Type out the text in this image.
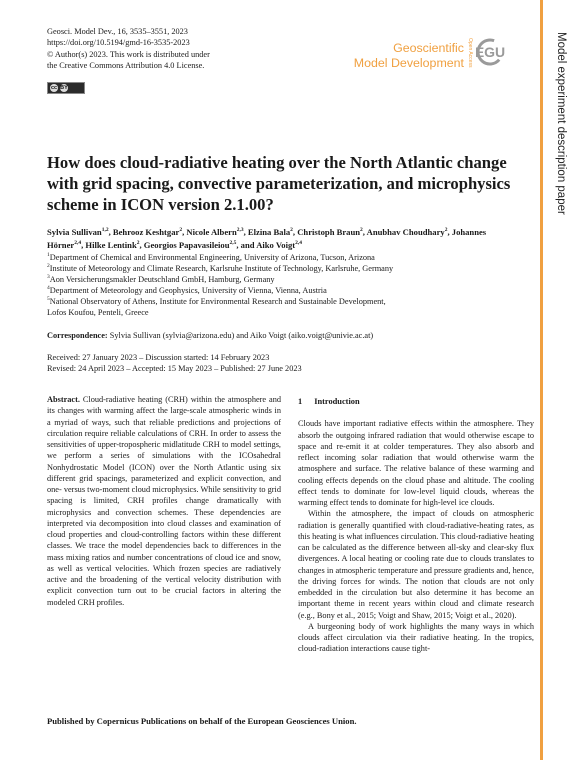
Geosci. Model Dev., 16, 3535–3551, 2023
https://doi.org/10.5194/gmd-16-3535-2023
© Author(s) 2023. This work is distributed under
the Creative Commons Attribution 4.0 License.
cc BY
Geoscientific
Model Development Open Access EGU	Model experiment description paper
How does cloud-radiative heating over the North Atlantic change with grid spacing, convective parameterization, and microphysics scheme in ICON version 2.1.00?
Sylvia Sullivan$^{1,2}$, Behrooz Keshtgar$^2$, Nicole Albern$^{2,3}$, Elzina Bala$^2$, Christoph Braun$^2$, Anubhav Choudhary$^2$, Johannes Hörner$^{2,4}$, Hilke Lentink$^2$, Georgios Papavasileiou$^{2,5}$, and Aiko Voigt$^{2,4}$
$^1$Department of Chemical and Environmental Engineering, University of Arizona, Tucson, Arizona
$^2$Institute of Meteorology and Climate Research, Karlsruhe Institute of Technology, Karlsruhe, Germany
$^3$Aon Versicherungsmakler Deutschland GmbH, Hamburg, Germany
$^4$Department of Meteorology and Geophysics, University of Vienna, Vienna, Austria
$^5$National Observatory of Athens, Institute for Environmental Research and Sustainable Development,
Lofos Koufou, Penteli, Greece
Correspondence: Sylvia Sullivan (sylvia@arizona.edu) and Aiko Voigt (aiko.voigt@univie.ac.at)
Received: 27 January 2023 – Discussion started: 14 February 2023
Revised: 24 April 2023 – Accepted: 15 May 2023 – Published: 27 June 2023
Abstract. Cloud-radiative heating (CRH) within the atmosphere and its changes with warming affect the large-scale atmospheric winds in a myriad of ways, such that reliable predictions and projections of circulation require reliable calculations of CRH. In order to assess the sensitivities of upper-tropospheric midlatitude CRH to model settings, we perform a series of simulations with the ICOsahedral Nonhydrostatic Model (ICON) over the North Atlantic using six different grid spacings, parameterized and explicit convection, and one- versus two-moment cloud microphysics. While sensitivity to grid spacing is limited, CRH profiles change dramatically with microphysics and convection schemes. These dependencies are interpreted via decomposition into cloud classes and examination of cloud properties and cloud-controlling factors within these different classes. We trace the model dependencies back to differences in the mass mixing ratios and number concentrations of cloud ice and snow, as well as vertical velocities. Which frozen species are radiatively active and the broadening of the vertical velocity distribution with explicit convection turn out to be crucial factors in altering the modeled CRH profiles.
1 Introduction

Clouds have important radiative effects within the atmosphere. They absorb the outgoing infrared radiation that would otherwise escape to space and re-emit it at colder temperatures. They also absorb and reflect incoming solar radiation that would otherwise warm the atmosphere and surface. The relative balance of these warming and cooling effects depends on the cloud phase and altitude. The cooling effect tends to dominate for low-level liquid clouds, whereas the warming effect tends to dominate for high-level ice clouds.

Within the atmosphere, the impact of clouds on atmospheric radiation is generally quantified with cloud-radiative-heating rates, as this heating is what influences circulation. This cloud-radiative heating can be calculated as the difference between all-sky and clear-sky flux divergences. A local heating or cooling rate due to clouds translates to changes in atmospheric temperature and pressure gradients and, hence, the driving forces for winds. The notion that clouds are not only embedded in the circulation but also determine it has become an important theme in recent years within cloud and climate research (e.g., Bony et al., 2015; Voigt and Shaw, 2015; Voigt et al., 2020).

A burgeoning body of work highlights the many ways in which clouds affect circulation via their radiative heating. In the tropics, cloud-radiation interactions cause tight-

Published by Copernicus Publications on behalf of the European Geosciences Union.
